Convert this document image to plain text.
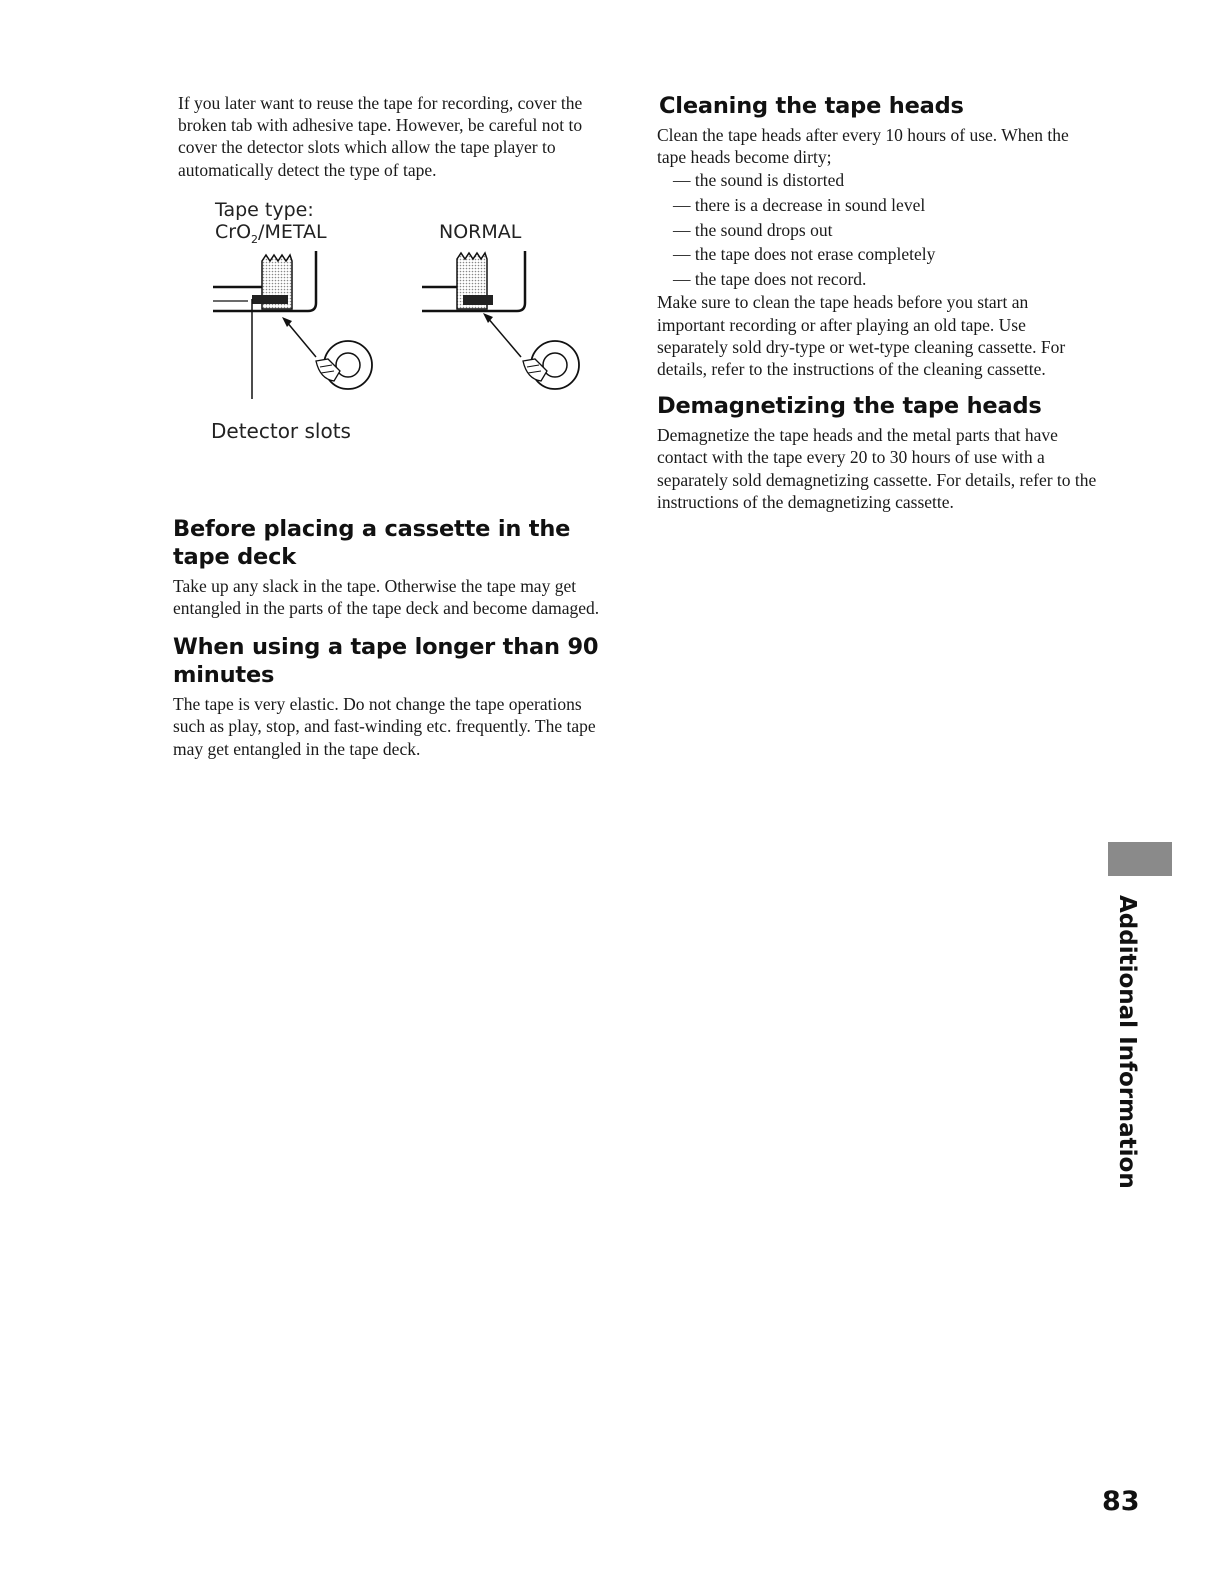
If you later want to reuse the tape for recording, cover the broken tab with adhesive tape. However, be careful not to cover the detector slots which allow the tape player to automatically detect the type of tape.

Tape type:
CrO$_2$/METAL	NORMAL
Detector slots
Before placing a cassette in the tape deck

Take up any slack in the tape. Otherwise the tape may get entangled in the parts of the tape deck and become damaged.

When using a tape longer than 90 minutes

The tape is very elastic. Do not change the tape operations such as play, stop, and fast-winding etc. frequently. The tape may get entangled in the tape deck.

Cleaning the tape heads

Clean the tape heads after every 10 hours of use. When the tape heads become dirty;

— the sound is distorted
— there is a decrease in sound level
— the sound drops out
— the tape does not erase completely
— the tape does not record.

Make sure to clean the tape heads before you start an important recording or after playing an old tape. Use separately sold dry-type or wet-type cleaning cassette. For details, refer to the instructions of the cleaning cassette.

Demagnetizing the tape heads

Demagnetize the tape heads and the metal parts that have contact with the tape every 20 to 30 hours of use with a separately sold demagnetizing cassette. For details, refer to the instructions of the demagnetizing cassette.

Additional Information
83
